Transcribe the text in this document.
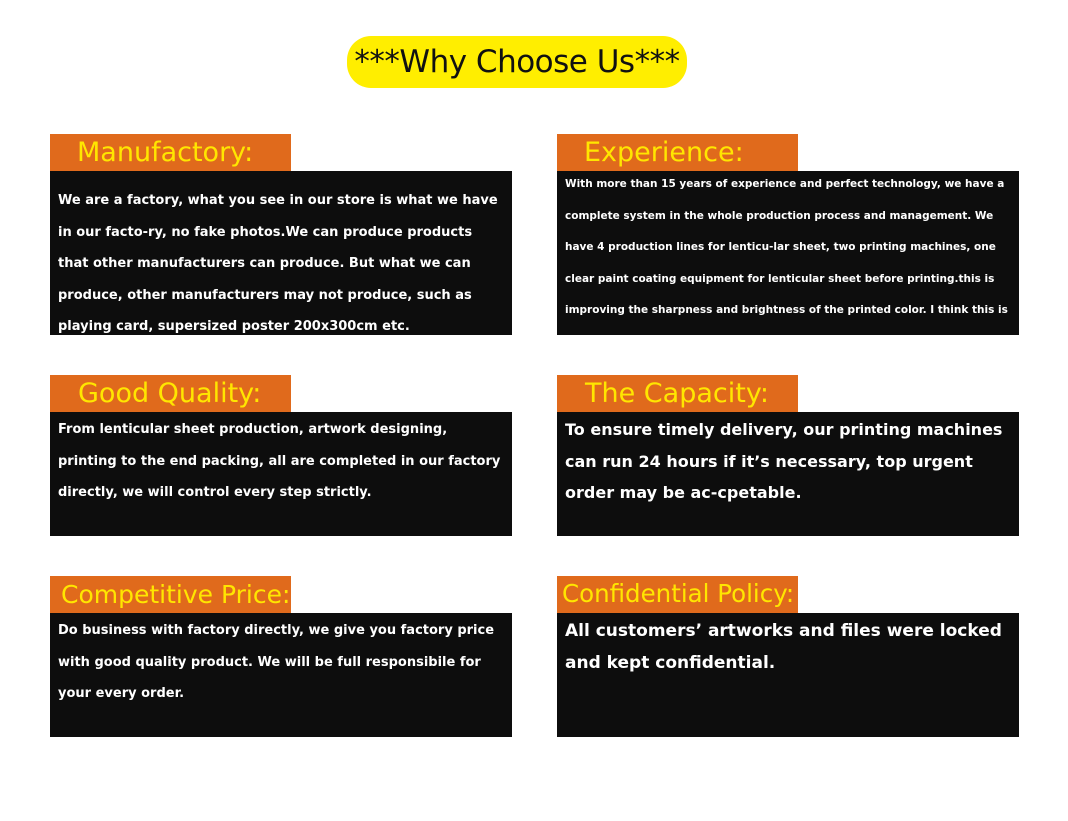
***Why Choose Us***
Manufactory:

We are a factory, what you see in our store is what we have in our facto-ry, no fake photos.We can produce products that other manufacturers can produce. But what we can produce, other manufacturers may not produce, such as playing card, supersized poster 200x300cm etc.

Experience:

With more than 15 years of experience and perfect technology, we have a complete system in the whole production process and management. We have 4 production lines for lenticu-lar sheet, two printing machines, one clear paint coating equipment for lenticular sheet before printing.this is improving the sharpness and brightness of the printed color. I think this is the biggest difference we did. I think this is the biggest difference we did.

Good Quality:

From lenticular sheet production, artwork designing, printing to the end packing, all are completed in our factory directly, we will control every step strictly.

The Capacity:

To ensure timely delivery, our printing machines can run 24 hours if it’s necessary, top urgent order may be ac-cpetable.

Competitive Price:

Do business with factory directly, we give you factory price with good quality product. We will be full responsibile for your every order.

Confidential Policy:

All customers’ artworks and files were locked and kept confidential.
